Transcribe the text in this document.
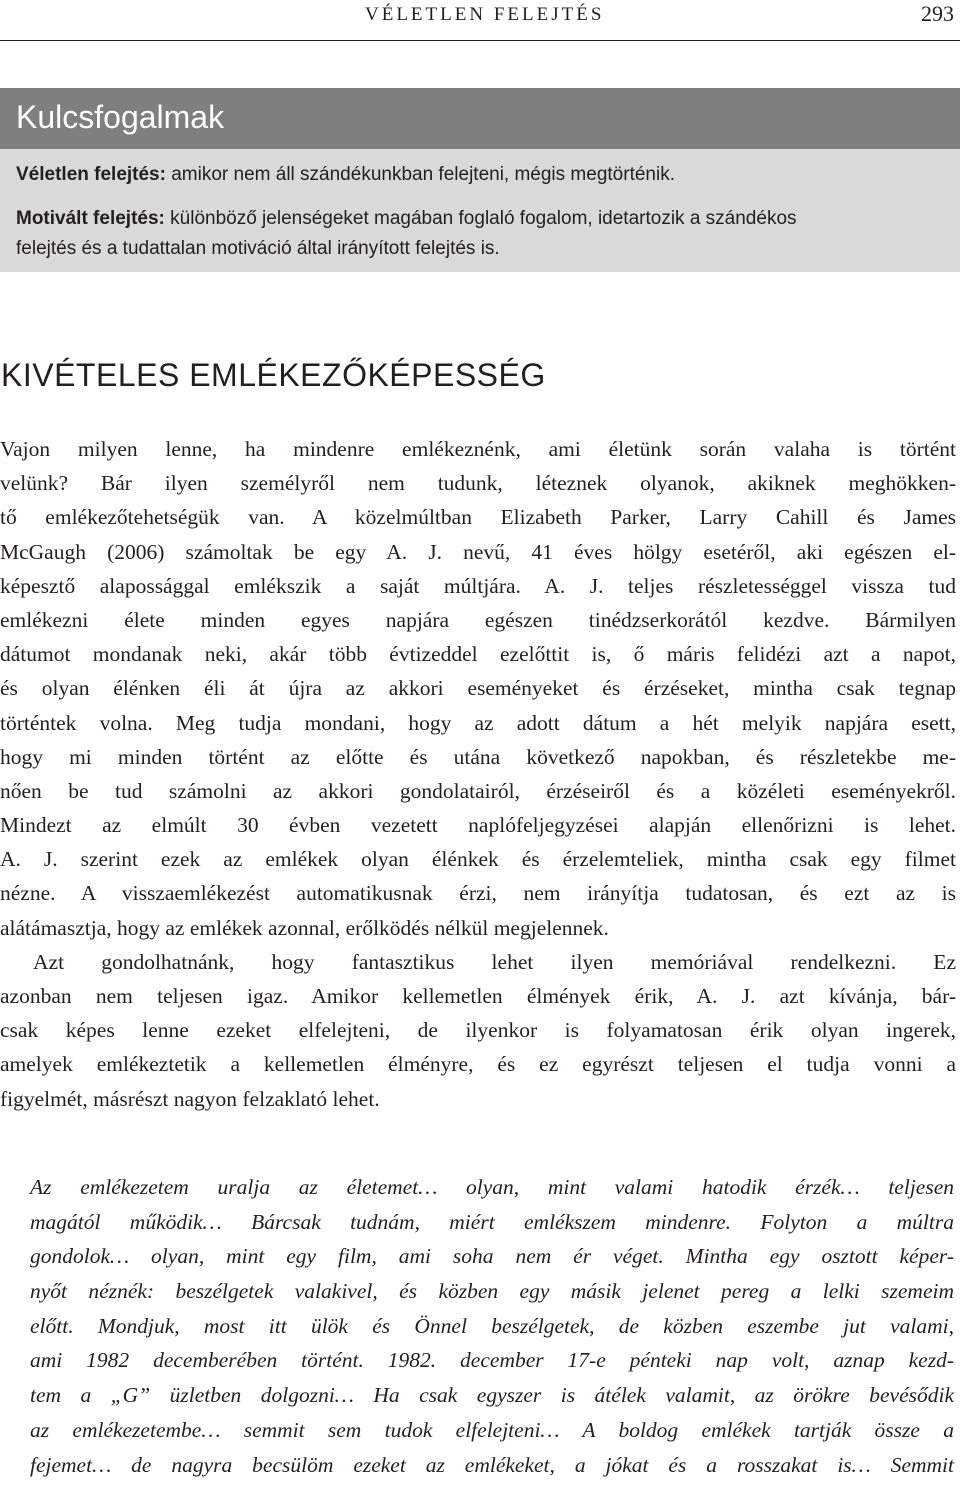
VÉLETLEN FELEJTÉS	293
Kulcsfogalmak
Véletlen felejtés: amikor nem áll szándékunkban felejteni, mégis megtörténik.
Motivált felejtés: különböző jelenségeket magában foglaló fogalom, idetartozik a szándékos
felejtés és a tudattalan motiváció által irányított felejtés is.
KIVÉTELES EMLÉKEZŐKÉPESSÉG
Vajon milyen lenne, ha mindenre emlékeznénk, ami életünk során valaha is történt
velünk? Bár ilyen személyről nem tudunk, léteznek olyanok, akiknek meghökken-
tő emlékezőtehetségük van. A közelmúltban Elizabeth Parker, Larry Cahill és James
McGaugh (2006) számoltak be egy A. J. nevű, 41 éves hölgy esetéről, aki egészen el-
képesztő alapossággal emlékszik a saját múltjára. A. J. teljes részletességgel vissza tud
emlékezni élete minden egyes napjára egészen tinédzserkorától kezdve. Bármilyen
dátumot mondanak neki, akár több évtizeddel ezelőttit is, ő máris felidézi azt a napot,
és olyan élénken éli át újra az akkori eseményeket és érzéseket, mintha csak tegnap
történtek volna. Meg tudja mondani, hogy az adott dátum a hét melyik napjára esett,
hogy mi minden történt az előtte és utána következő napokban, és részletekbe me-
nően be tud számolni az akkori gondolatairól, érzéseiről és a közéleti eseményekről.
Mindezt az elmúlt 30 évben vezetett naplófeljegyzései alapján ellenőrizni is lehet.
A. J. szerint ezek az emlékek olyan élénkek és érzelemteliek, mintha csak egy filmet
nézne. A visszaemlékezést automatikusnak érzi, nem irányítja tudatosan, és ezt az is
alátámasztja, hogy az emlékek azonnal, erőlködés nélkül megjelennek.
Azt gondolhatnánk, hogy fantasztikus lehet ilyen memóriával rendelkezni. Ez
azonban nem teljesen igaz. Amikor kellemetlen élmények érik, A. J. azt kívánja, bár-
csak képes lenne ezeket elfelejteni, de ilyenkor is folyamatosan érik olyan ingerek,
amelyek emlékeztetik a kellemetlen élményre, és ez egyrészt teljesen el tudja vonni a
figyelmét, másrészt nagyon felzaklató lehet.
Az emlékezetem uralja az életemet… olyan, mint valami hatodik érzék… teljesen
magától működik… Bárcsak tudnám, miért emlékszem mindenre. Folyton a múltra
gondolok… olyan, mint egy film, ami soha nem ér véget. Mintha egy osztott képer-
nyőt néznék: beszélgetek valakivel, és közben egy másik jelenet pereg a lelki szemeim
előtt. Mondjuk, most itt ülök és Önnel beszélgetek, de közben eszembe jut valami,
ami 1982 decemberében történt. 1982. december 17-e pénteki nap volt, aznap kezd-
tem a „G” üzletben dolgozni… Ha csak egyszer is átélek valamit, az örökre bevésődik
az emlékezetembe… semmit sem tudok elfelejteni… A boldog emlékek tartják össze a
fejemet… de nagyra becsülöm ezeket az emlékeket, a jókat és a rosszakat is… Semmit
